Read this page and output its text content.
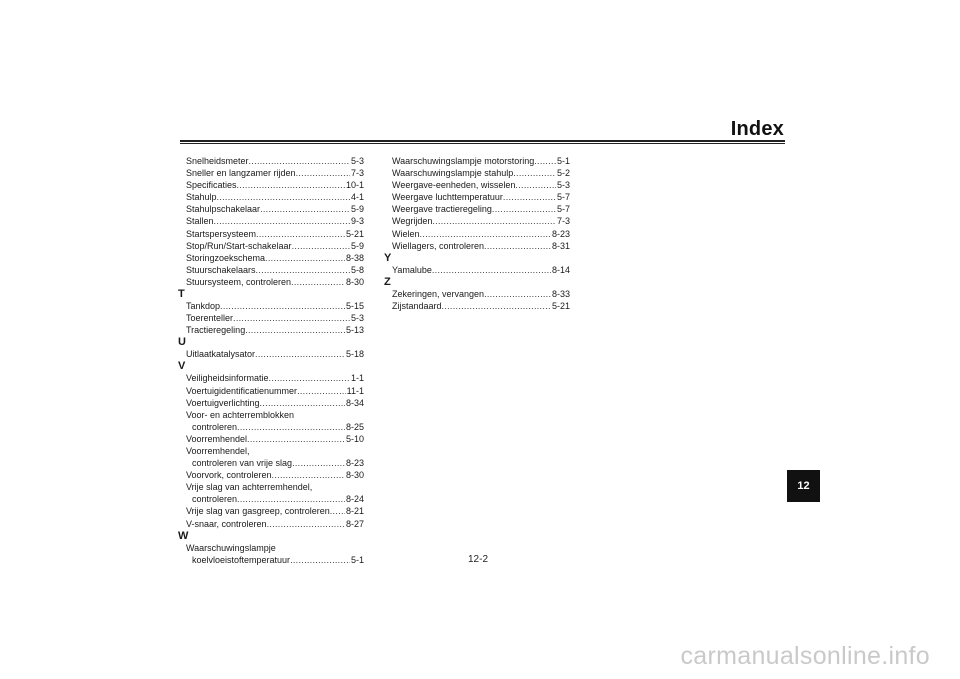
Index
Snelheidsmeter .....	5-3
Sneller en langzamer rijden .....	7-3
Specificaties .....	10-1
Stahulp .....	4-1
Stahulpschakelaar .....	5-9
Stallen .....	9-3
Startspersysteem .....	5-21
Stop/Run/Start-schakelaar .....	5-9
Storingzoekschema .....	8-38
Stuurschakelaars .....	5-8
Stuursysteem, controleren .....	8-30
T
Tankdop .....	5-15
Toerenteller .....	5-3
Tractieregeling .....	5-13
U
Uitlaatkatalysator .....	5-18
V
Veiligheidsinformatie .....	1-1
Voertuigidentificatienummer .....	11-1
Voertuigverlichting .....	8-34
Voor- en achterremblokken
controleren .....	8-25
Voorremhendel .....	5-10
Voorremhendel,
controleren van vrije slag .....	8-23
Voorvork, controleren .....	8-30
Vrije slag van achterremhendel,
controleren .....	8-24
Vrije slag van gasgreep, controleren ..... 8-21
V-snaar, controleren .....	8-27
W
Waarschuwingslampje
koelvloeistoftemperatuur .....	5-1
Waarschuwingslampje motorstoring .....	5-1
Waarschuwingslampje stahulp .....	5-2
Weergave-eenheden, wisselen .....	5-3
Weergave luchttemperatuur .....	5-7
Weergave tractieregeling .....	5-7
Wegrijden .....	7-3
Wielen .....	8-23
Wiellagers, controleren .....	8-31
Y
Yamalube .....	8-14
Z
Zekeringen, vervangen .....	8-33
Zijstandaard .....	5-21
12
12-2
carmanualsonline.info
